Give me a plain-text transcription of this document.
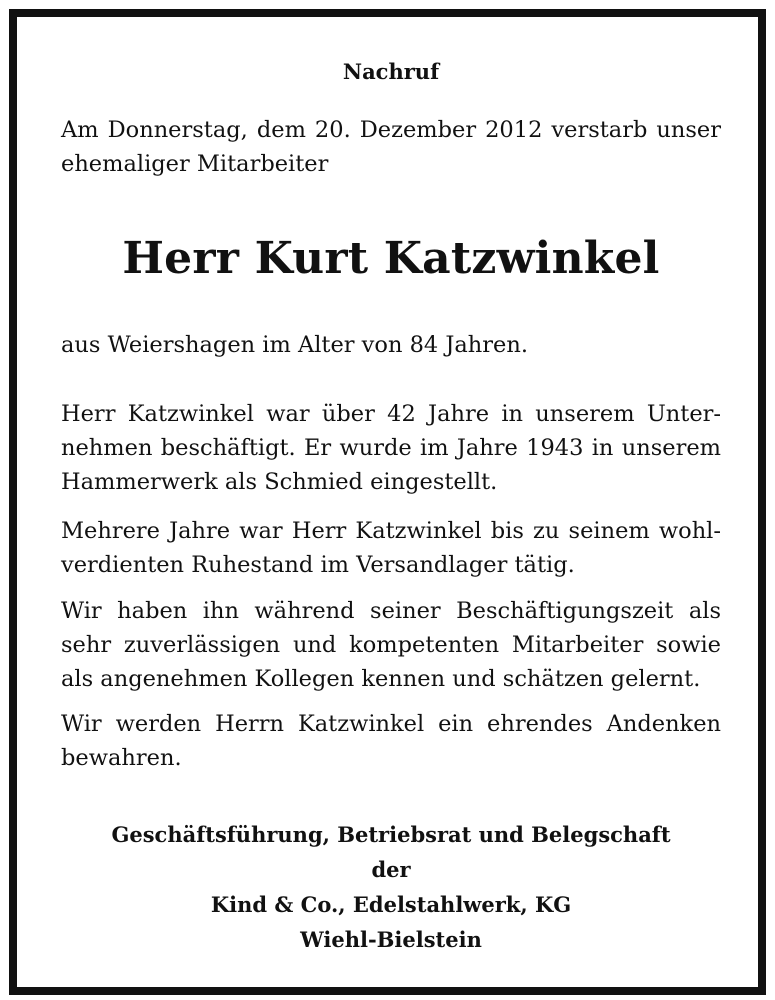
Nachruf
Am Donnerstag, dem 20. Dezember 2012 verstarb unser ehemaliger Mitarbeiter
Herr Kurt Katzwinkel
aus Weiershagen im Alter von 84 Jahren.
Herr Katzwinkel war über 42 Jahre in unserem Unternehmen beschäftigt. Er wurde im Jahre 1943 in unserem Hammerwerk als Schmied eingestellt.
Mehrere Jahre war Herr Katzwinkel bis zu seinem wohlverdienten Ruhestand im Versandlager tätig.
Wir haben ihn während seiner Beschäftigungszeit als sehr zuverlässigen und kompetenten Mitarbeiter sowie als angenehmen Kollegen kennen und schätzen gelernt.
Wir werden Herrn Katzwinkel ein ehrendes Andenken bewahren.
Geschäftsführung, Betriebsrat und Belegschaft
der
Kind & Co., Edelstahlwerk, KG
Wiehl-Bielstein
